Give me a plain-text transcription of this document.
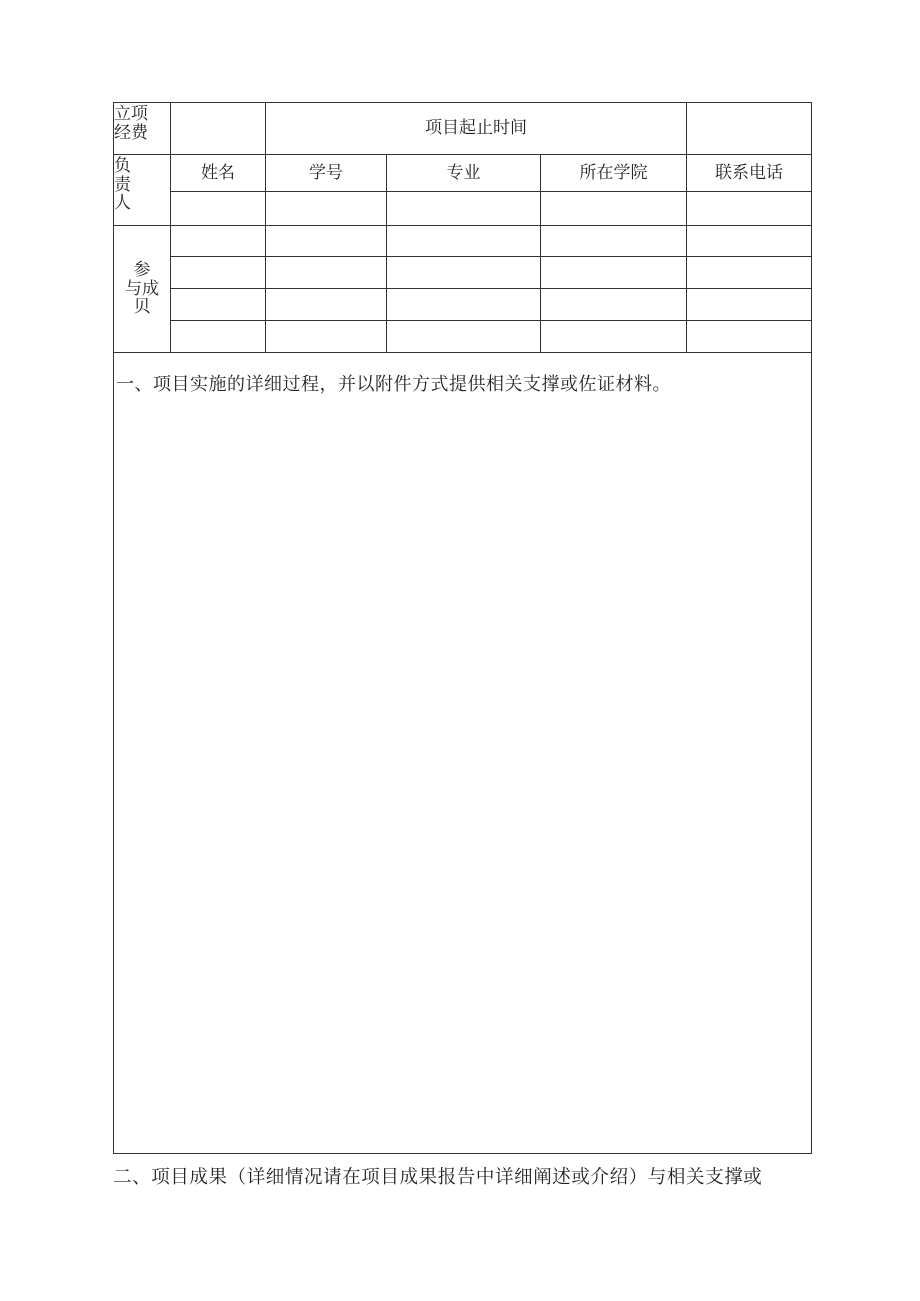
立项
经费		项目起止时间			

负
责
人	姓名	学号	专业	所在学院	联系电话

参
与成
贝					

一、项目实施的详细过程，并以附件方式提供相关支撑或佐证材料。					
二、项目成果（详细情况请在项目成果报告中详细阐述或介绍）与相关支撑或
